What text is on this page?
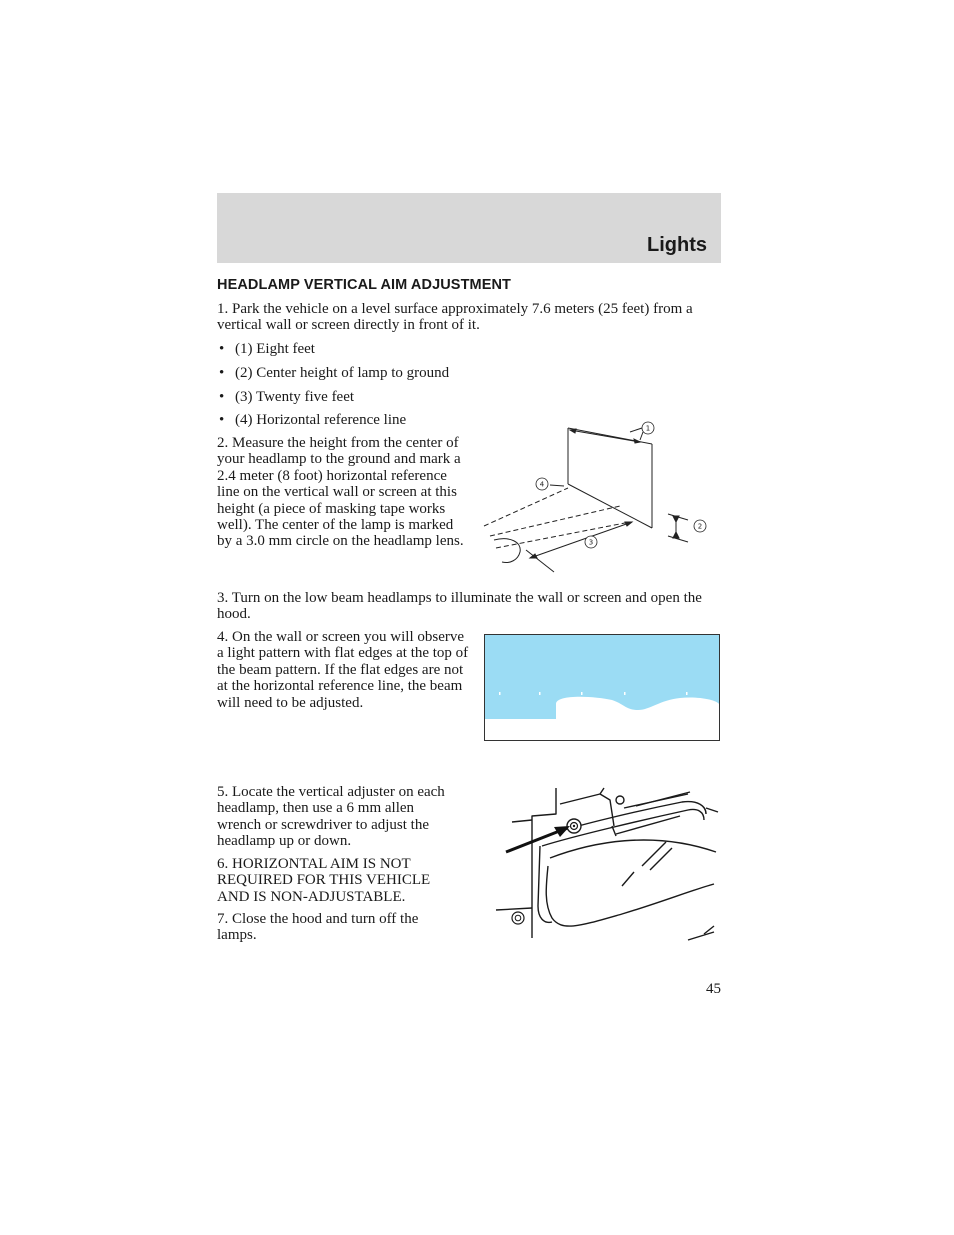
Lights
HEADLAMP VERTICAL AIM ADJUSTMENT

1. Park the vehicle on a level surface approximately 7.6 meters (25 feet) from a vertical wall or screen directly in front of it.

• (1) Eight feet
• (2) Center height of lamp to ground
• (3) Twenty five feet
• (4) Horizontal reference line

2. Measure the height from the center of your headlamp to the ground and mark a 2.4 meter (8 foot) horizontal reference line on the vertical wall or screen at this height (a piece of masking tape works well). The center of the lamp is marked by a 3.0 mm circle on the headlamp lens.

1
2
3
4

3. Turn on the low beam headlamps to illuminate the wall or screen and open the hood.

4. On the wall or screen you will observe a light pattern with flat edges at the top of the beam pattern. If the flat edges are not at the horizontal reference line, the beam will need to be adjusted.

5. Locate the vertical adjuster on each headlamp, then use a 6 mm allen wrench or screwdriver to adjust the headlamp up or down.

6. HORIZONTAL AIM IS NOT REQUIRED FOR THIS VEHICLE AND IS NON-ADJUSTABLE.

7. Close the hood and turn off the lamps.

45
